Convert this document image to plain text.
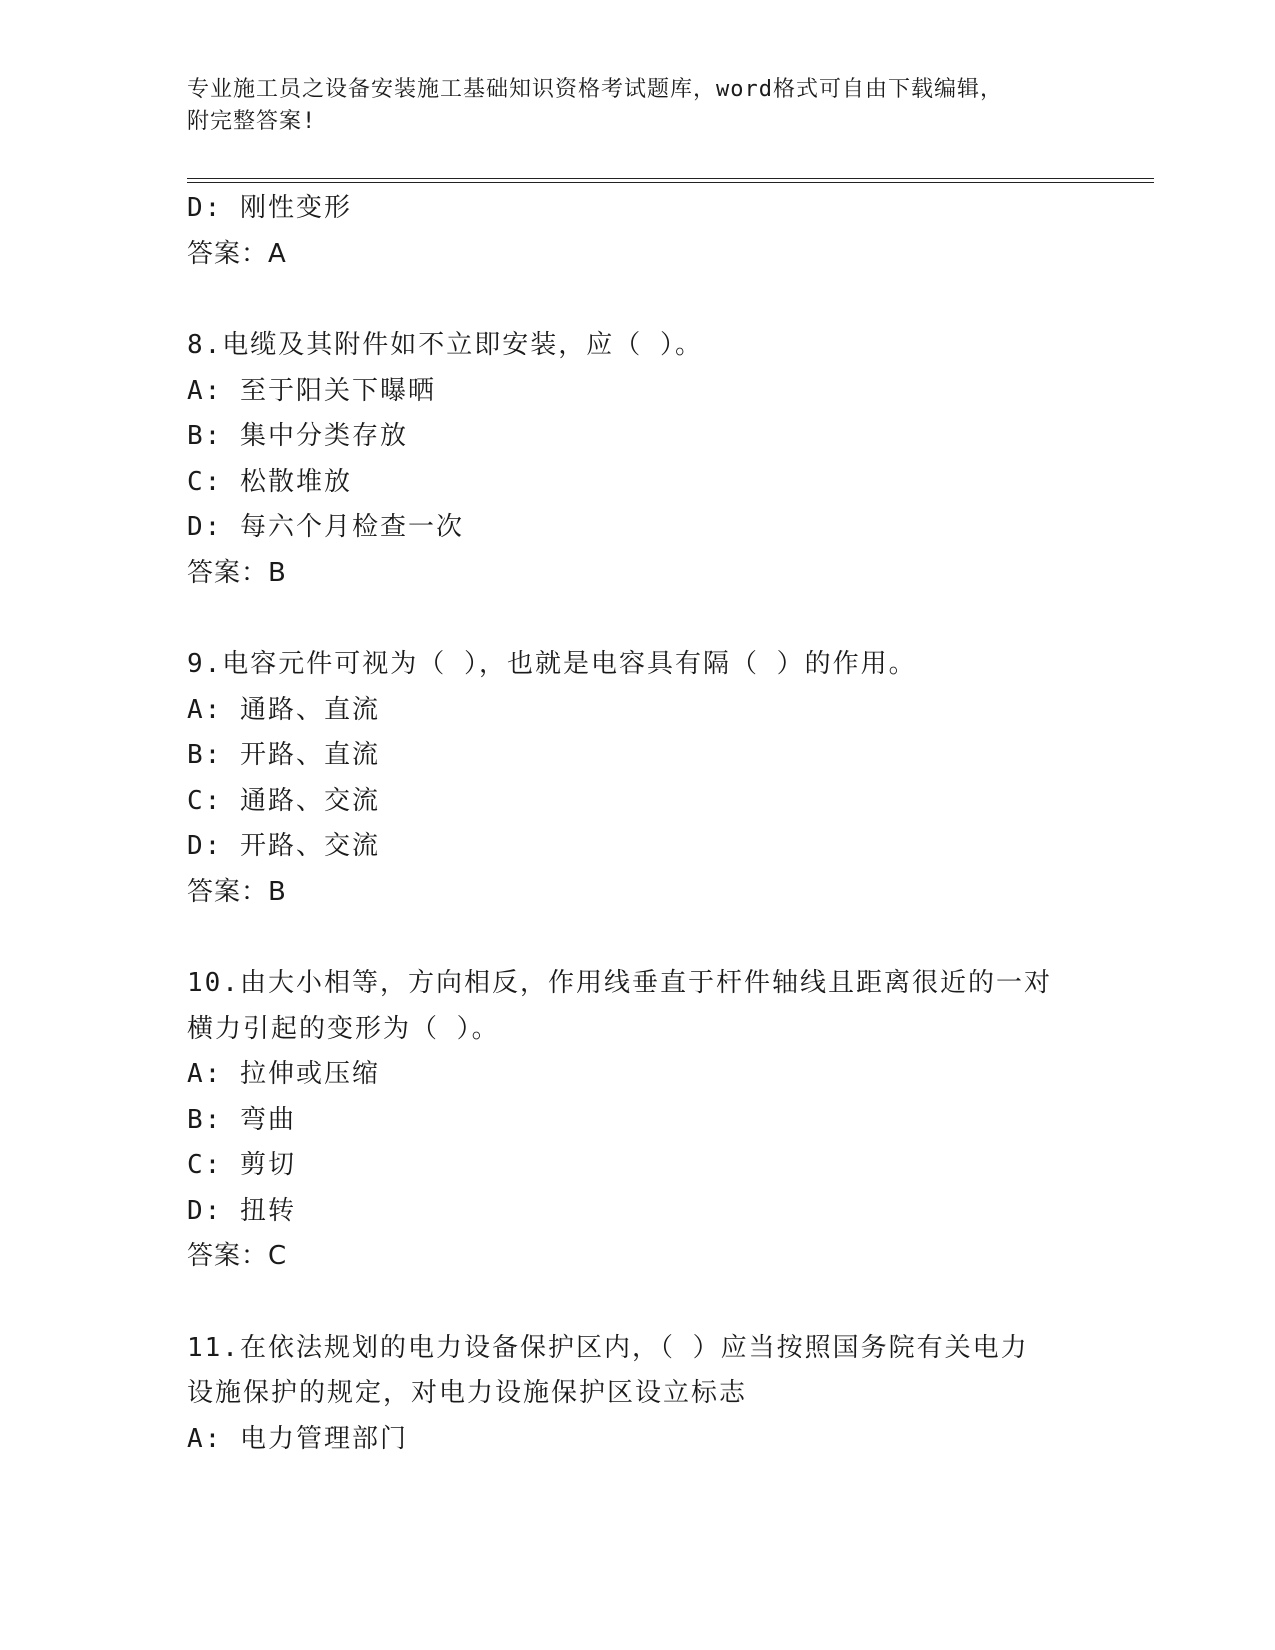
专业施工员之设备安装施工基础知识资格考试题库，word格式可自由下载编辑，
附完整答案!
D: 刚性变形
答案：A
8.电缆及其附件如不立即安装，应（ ）。
A: 至于阳关下曝晒
B: 集中分类存放
C: 松散堆放
D: 每六个月检查一次
答案：B
9.电容元件可视为（ ），也就是电容具有隔（ ）的作用。
A: 通路、直流
B: 开路、直流
C: 通路、交流
D: 开路、交流
答案：B
10.由大小相等，方向相反，作用线垂直于杆件轴线且距离很近的一对
横力引起的变形为（ ）。
A: 拉伸或压缩
B: 弯曲
C: 剪切
D: 扭转
答案：C
11.在依法规划的电力设备保护区内，（ ）应当按照国务院有关电力
设施保护的规定，对电力设施保护区设立标志
A: 电力管理部门
